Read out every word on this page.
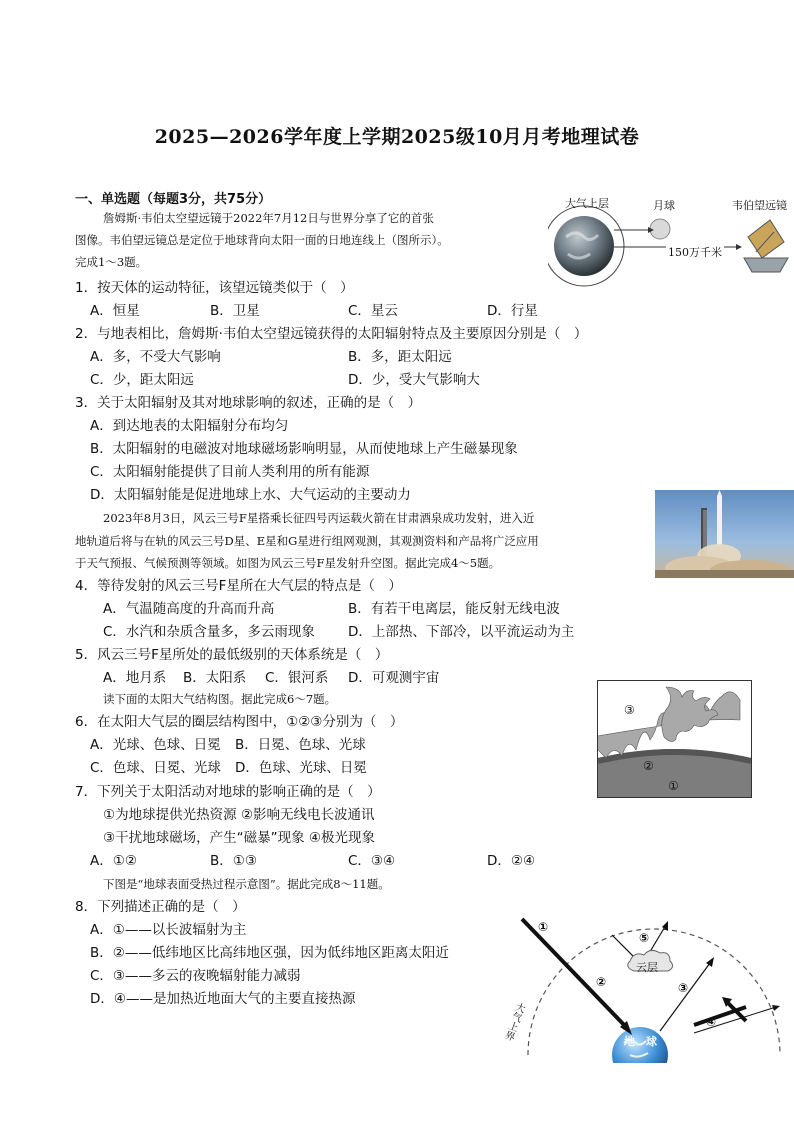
2025—2026学年度上学期2025级10月月考地理试卷
一、单选题（每题3分，共75分）
詹姆斯·韦伯太空望远镜于2022年7月12日与世界分享了它的首张
图像。韦伯望远镜总是定位于地球背向太阳一面的日地连线上（图所示）。
完成1～3题。
大气上层	月球	韦伯望远镜
150万千米
1．按天体的运动特征，该望远镜类似于（　）
A．恒星	B．卫星	C．星云	D．行星
2．与地表相比，詹姆斯·韦伯太空望远镜获得的太阳辐射特点及主要原因分别是（　）
A．多，不受大气影响	B．多，距太阳远
C．少，距太阳远	D．少，受大气影响大
3．关于太阳辐射及其对地球影响的叙述，正确的是（　）
A．到达地表的太阳辐射分布均匀
B．太阳辐射的电磁波对地球磁场影响明显，从而使地球上产生磁暴现象
C．太阳辐射能提供了目前人类利用的所有能源
D．太阳辐射能是促进地球上水、大气运动的主要动力
2023年8月3日，风云三号F星搭乘长征四号丙运载火箭在甘肃酒泉成功发射，进入近
地轨道后将与在轨的风云三号D星、E星和G星进行组网观测，其观测资料和产品将广泛应用
于天气预报、气候预测等领域。如图为风云三号F星发射升空图。据此完成4～5题。
4．等待发射的风云三号F星所在大气层的特点是（　）
A．气温随高度的升高而升高	B．有若干电离层，能反射无线电波
C．水汽和杂质含量多，多云雨现象 D．上部热、下部冷，以平流运动为主
5．风云三号F星所处的最低级别的天体系统是（　）
A．地月系 B．太阳系 C．银河系 D．可观测宇宙
读下面的太阳大气结构图。据此完成6～7题。
③
②
①
6．在太阳大气层的圈层结构图中，①②③分别为（　）
A．光球、色球、日冕 B．日冕、色球、光球
C．色球、日冕、光球 D．色球、光球、日冕
7．下列关于太阳活动对地球的影响正确的是（　）
①为地球提供光热资源 ②影响无线电长波通讯
③干扰地球磁场，产生“磁暴”现象 ④极光现象
A．①②	B．①③	C．③④	D．②④
下图是“地球表面受热过程示意图”。据此完成8～11题。
8．下列描述正确的是（　）
A．①——以长波辐射为主
B．②——低纬地区比高纬地区强，因为低纬地区距离太阳近
C．③——多云的夜晚辐射能力减弱
D．④——是加热近地面大气的主要直接热源
①
②	③
④
⑤
云层
地　球
大气上界
